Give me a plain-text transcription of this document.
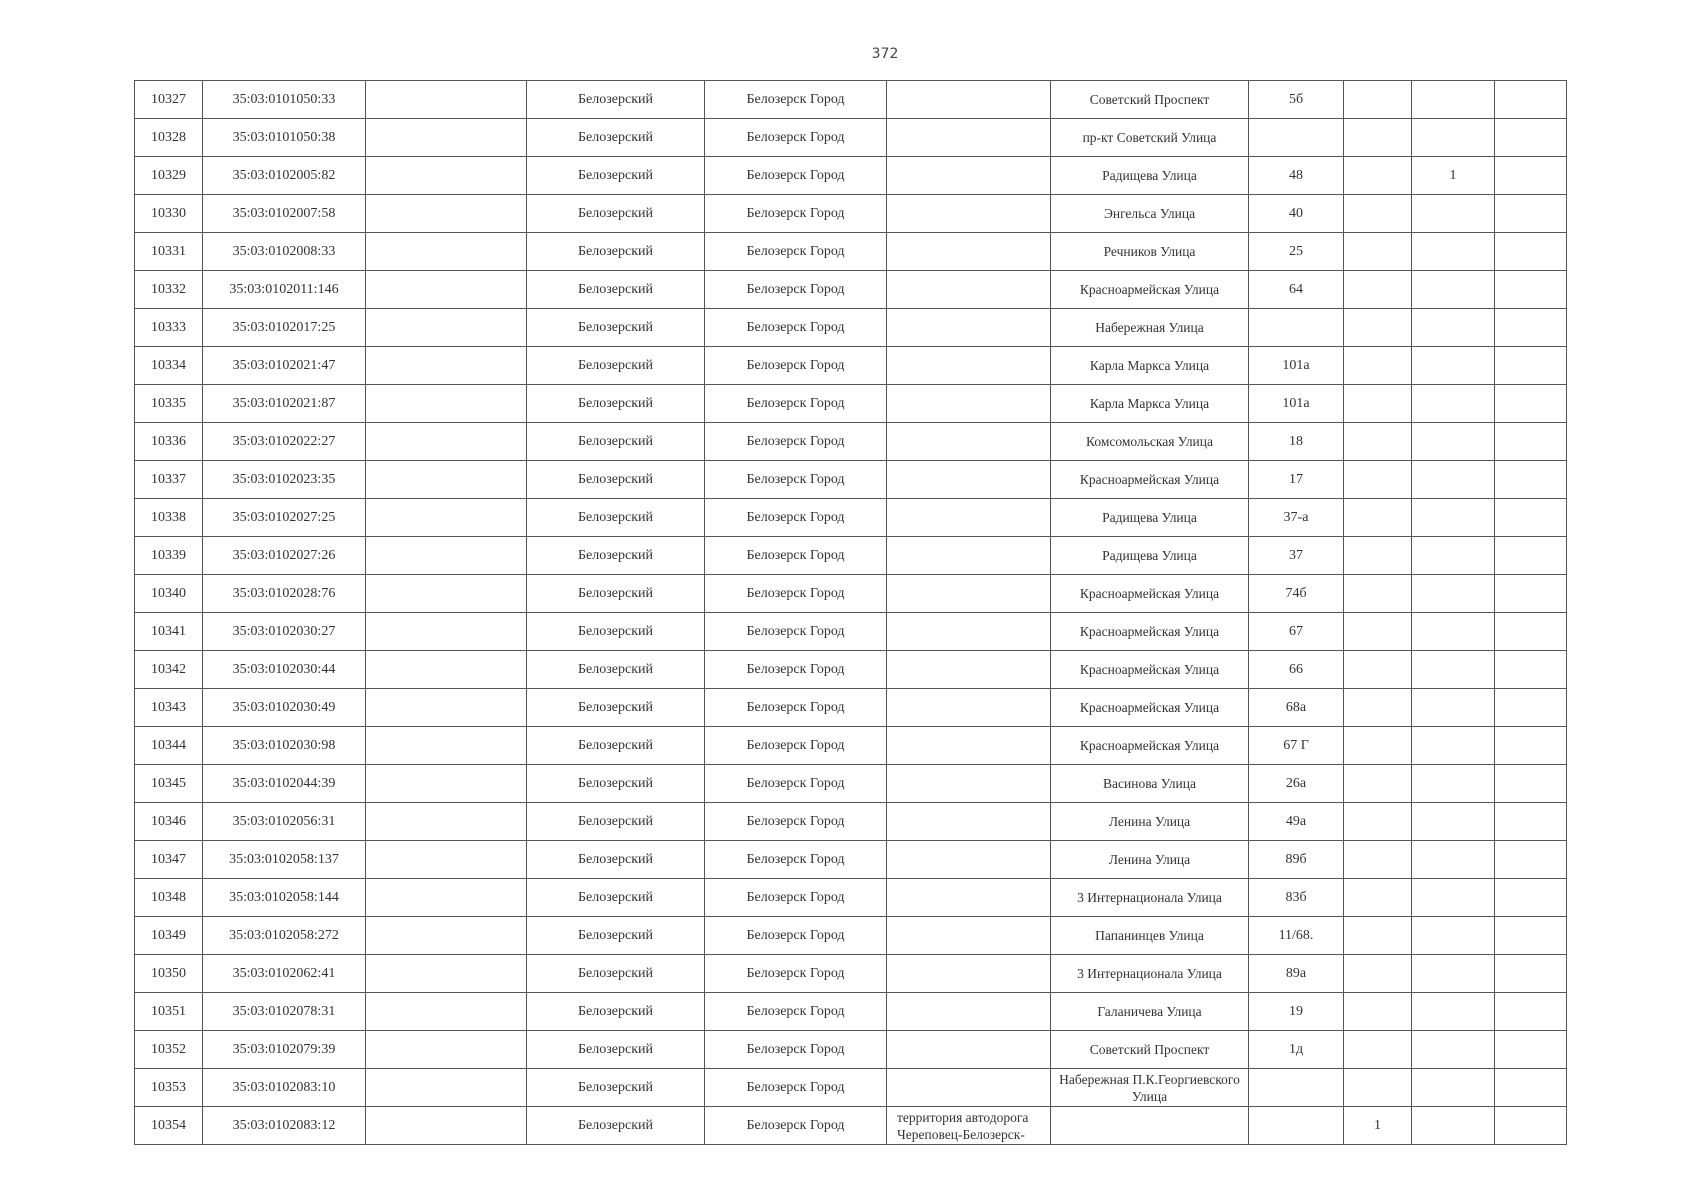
372
10327	35:03:0101050:33		Белозерский	Белозерск Город		Советский Проспект	5б			
10328	35:03:0101050:38		Белозерский	Белозерск Город		пр-кт Советский Улица				
10329	35:03:0102005:82		Белозерский	Белозерск Город		Радищева Улица	48		1	
10330	35:03:0102007:58		Белозерский	Белозерск Город		Энгельса Улица	40			
10331	35:03:0102008:33		Белозерский	Белозерск Город		Речников Улица	25			
10332	35:03:0102011:146		Белозерский	Белозерск Город		Красноармейская Улица	64			
10333	35:03:0102017:25		Белозерский	Белозерск Город		Набережная Улица				
10334	35:03:0102021:47		Белозерский	Белозерск Город		Карла Маркса Улица	101а			
10335	35:03:0102021:87		Белозерский	Белозерск Город		Карла Маркса Улица	101а			
10336	35:03:0102022:27		Белозерский	Белозерск Город		Комсомольская Улица	18			
10337	35:03:0102023:35		Белозерский	Белозерск Город		Красноармейская Улица	17			
10338	35:03:0102027:25		Белозерский	Белозерск Город		Радищева Улица	37-а			
10339	35:03:0102027:26		Белозерский	Белозерск Город		Радищева Улица	37			
10340	35:03:0102028:76		Белозерский	Белозерск Город		Красноармейская Улица	74б			
10341	35:03:0102030:27		Белозерский	Белозерск Город		Красноармейская Улица	67			
10342	35:03:0102030:44		Белозерский	Белозерск Город		Красноармейская Улица	66			
10343	35:03:0102030:49		Белозерский	Белозерск Город		Красноармейская Улица	68а			
10344	35:03:0102030:98		Белозерский	Белозерск Город		Красноармейская Улица	67 Г			
10345	35:03:0102044:39		Белозерский	Белозерск Город		Васинова Улица	26а			
10346	35:03:0102056:31		Белозерский	Белозерск Город		Ленина Улица	49а			
10347	35:03:0102058:137		Белозерский	Белозерск Город		Ленина Улица	89б			
10348	35:03:0102058:144		Белозерский	Белозерск Город		3 Интернационала Улица	83б			
10349	35:03:0102058:272		Белозерский	Белозерск Город		Папанинцев Улица	11/68.			
10350	35:03:0102062:41		Белозерский	Белозерск Город		3 Интернационала Улица	89а			
10351	35:03:0102078:31		Белозерский	Белозерск Город		Галаничева Улица	19			
10352	35:03:0102079:39		Белозерский	Белозерск Город		Советский Проспект	1д			
10353	35:03:0102083:10		Белозерский	Белозерск Город		Набережная П.К.Георгиевского Улица				
10354	35:03:0102083:12		Белозерский	Белозерск Город	территория автодорога Череповец-Белозерск-			1		
